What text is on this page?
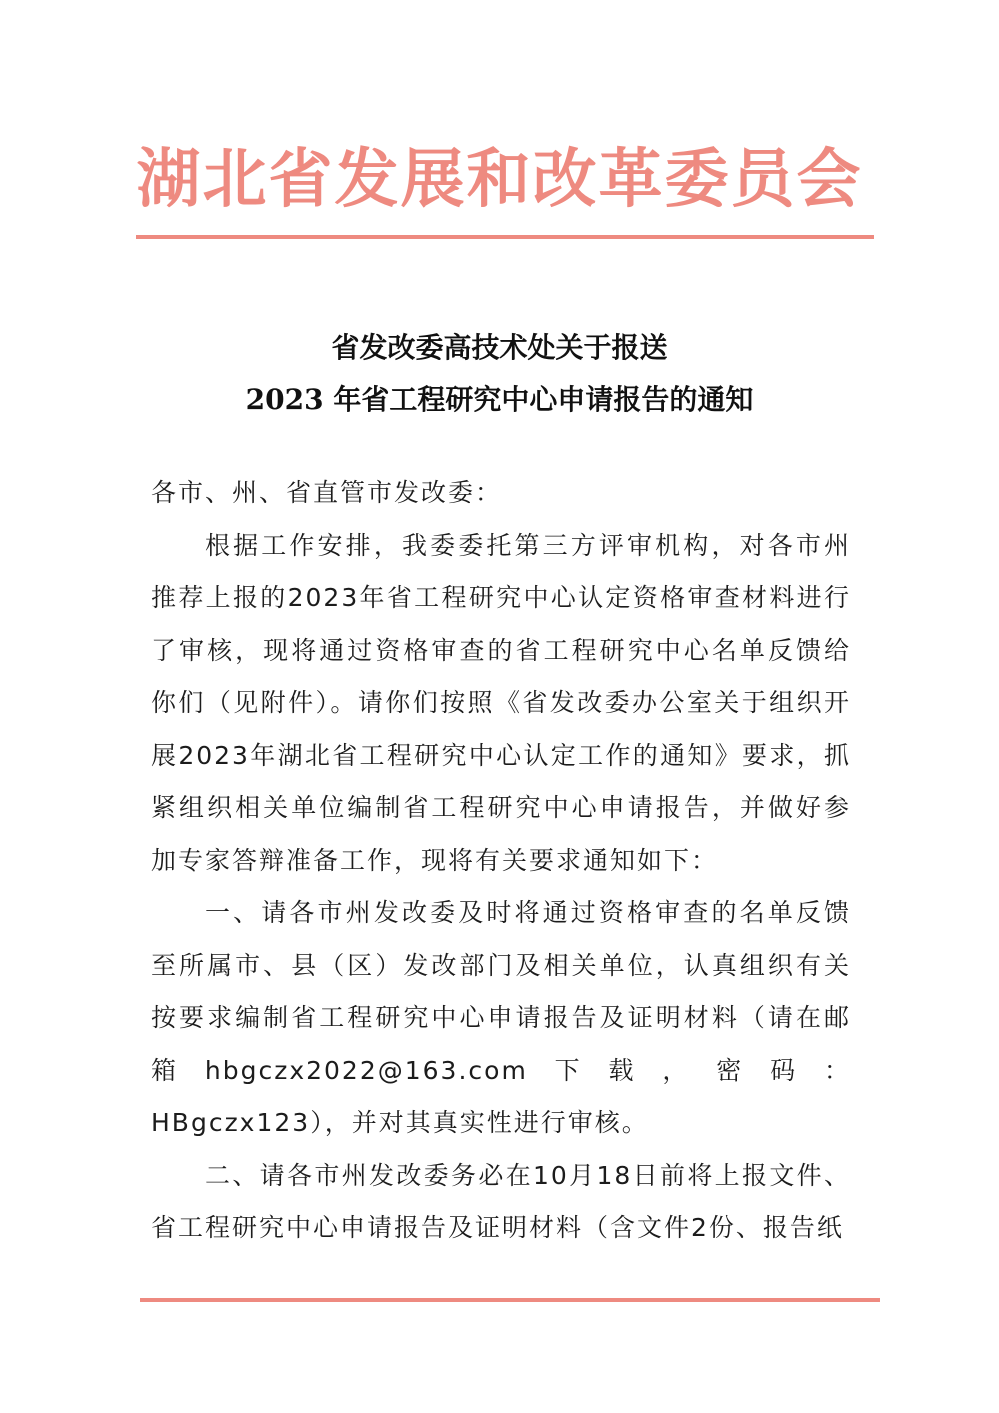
湖北省发展和改革委员会
省发改委高技术处关于报送
2023 年省工程研究中心申请报告的通知

各市、州、省直管市发改委：

根据工作安排，我委委托第三方评审机构，对各市州推荐上报的2023年省工程研究中心认定资格审查材料进行了审核，现将通过资格审查的省工程研究中心名单反馈给你们（见附件）。请你们按照《省发改委办公室关于组织开展2023年湖北省工程研究中心认定工作的通知》要求，抓紧组织相关单位编制省工程研究中心申请报告，并做好参加专家答辩准备工作，现将有关要求通知如下：

一、请各市州发改委及时将通过资格审查的名单反馈至所属市、县（区）发改部门及相关单位，认真组织有关按要求编制省工程研究中心申请报告及证明材料（请在邮箱hbgczx2022@163.com下载，密码：HBgczx123），并对其真实性进行审核。

二、请各市州发改委务必在10月18日前将上报文件、省工程研究中心申请报告及证明材料（含文件2份、报告纸
